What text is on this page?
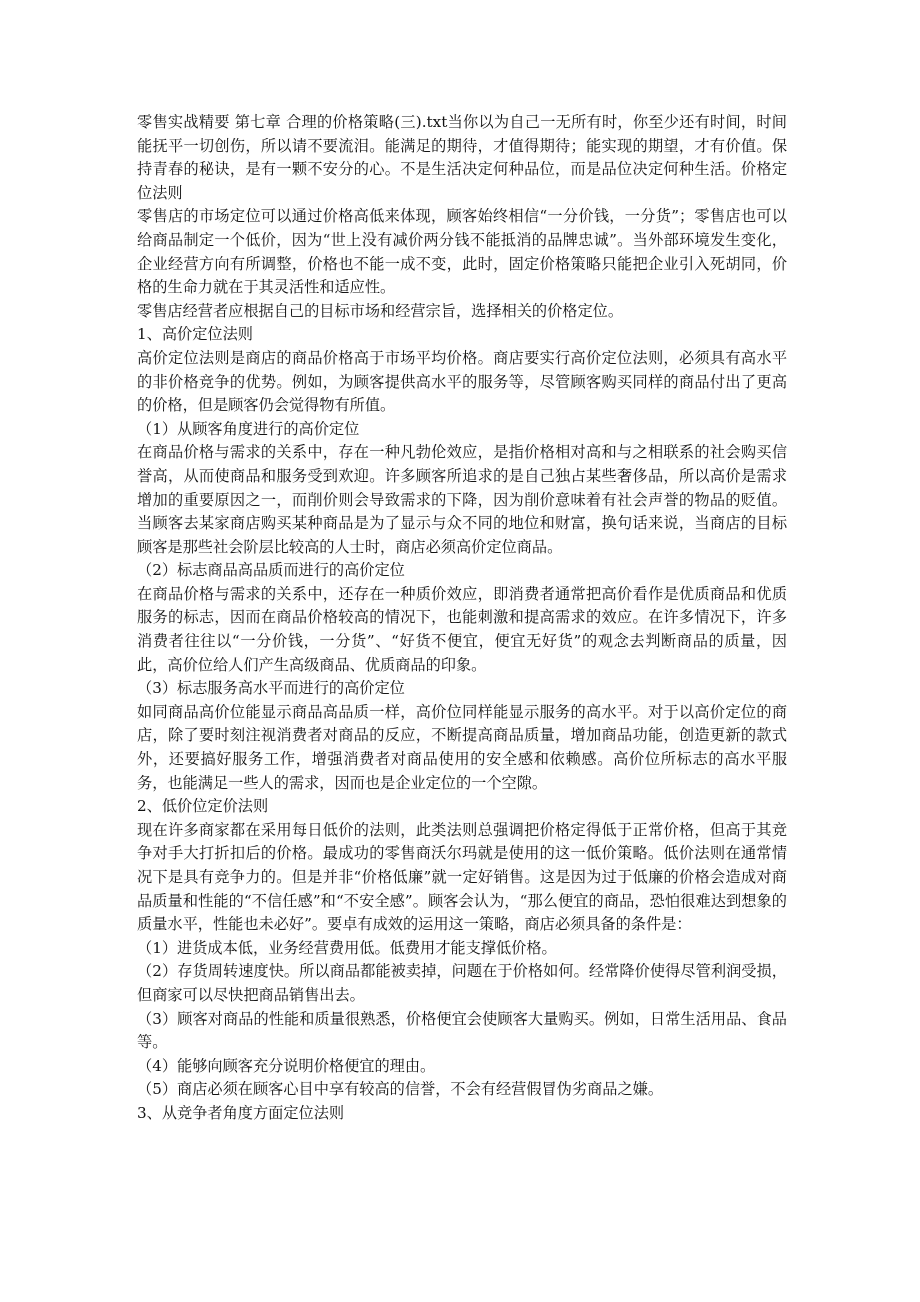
零售实战精要 第七章 合理的价格策略(三).txt当你以为自己一无所有时，你至少还有时间，时间能抚平一切创伤，所以请不要流泪。能满足的期待，才值得期待；能实现的期望，才有价值。保持青春的秘诀，是有一颗不安分的心。不是生活决定何种品位，而是品位决定何种生活。价格定位法则

零售店的市场定位可以通过价格高低来体现，顾客始终相信“一分价钱，一分货”；零售店也可以给商品制定一个低价，因为“世上没有减价两分钱不能抵消的品牌忠诚”。当外部环境发生变化，企业经营方向有所调整，价格也不能一成不变，此时，固定价格策略只能把企业引入死胡同，价格的生命力就在于其灵活性和适应性。

零售店经营者应根据自己的目标市场和经营宗旨，选择相关的价格定位。

1、高价定位法则

高价定位法则是商店的商品价格高于市场平均价格。商店要实行高价定位法则，必须具有高水平的非价格竞争的优势。例如，为顾客提供高水平的服务等，尽管顾客购买同样的商品付出了更高的价格，但是顾客仍会觉得物有所值。

（1）从顾客角度进行的高价定位

在商品价格与需求的关系中，存在一种凡勃伦效应，是指价格相对高和与之相联系的社会购买信誉高，从而使商品和服务受到欢迎。许多顾客所追求的是自己独占某些奢侈品，所以高价是需求增加的重要原因之一，而削价则会导致需求的下降，因为削价意味着有社会声誉的物品的贬值。当顾客去某家商店购买某种商品是为了显示与众不同的地位和财富，换句话来说，当商店的目标顾客是那些社会阶层比较高的人士时，商店必须高价定位商品。

（2）标志商品高品质而进行的高价定位

在商品价格与需求的关系中，还存在一种质价效应，即消费者通常把高价看作是优质商品和优质服务的标志，因而在商品价格较高的情况下，也能刺激和提高需求的效应。在许多情况下，许多消费者往往以“一分价钱，一分货”、“好货不便宜，便宜无好货”的观念去判断商品的质量，因此，高价位给人们产生高级商品、优质商品的印象。

（3）标志服务高水平而进行的高价定位

如同商品高价位能显示商品高品质一样，高价位同样能显示服务的高水平。对于以高价定位的商店，除了要时刻注视消费者对商品的反应，不断提高商品质量，增加商品功能，创造更新的款式外，还要搞好服务工作，增强消费者对商品使用的安全感和依赖感。高价位所标志的高水平服务，也能满足一些人的需求，因而也是企业定位的一个空隙。

2、低价位定价法则

现在许多商家都在采用每日低价的法则，此类法则总强调把价格定得低于正常价格，但高于其竞争对手大打折扣后的价格。最成功的零售商沃尔玛就是使用的这一低价策略。低价法则在通常情况下是具有竞争力的。但是并非“价格低廉”就一定好销售。这是因为过于低廉的价格会造成对商品质量和性能的“不信任感”和“不安全感”。顾客会认为，“那么便宜的商品，恐怕很难达到想象的质量水平，性能也未必好”。要卓有成效的运用这一策略，商店必须具备的条件是：

（1）进货成本低，业务经营费用低。低费用才能支撑低价格。

（2）存货周转速度快。所以商品都能被卖掉，问题在于价格如何。经常降价使得尽管利润受损，但商家可以尽快把商品销售出去。

（3）顾客对商品的性能和质量很熟悉，价格便宜会使顾客大量购买。例如，日常生活用品、食品等。

（4）能够向顾客充分说明价格便宜的理由。

（5）商店必须在顾客心目中享有较高的信誉，不会有经营假冒伪劣商品之嫌。

3、从竞争者角度方面定位法则
